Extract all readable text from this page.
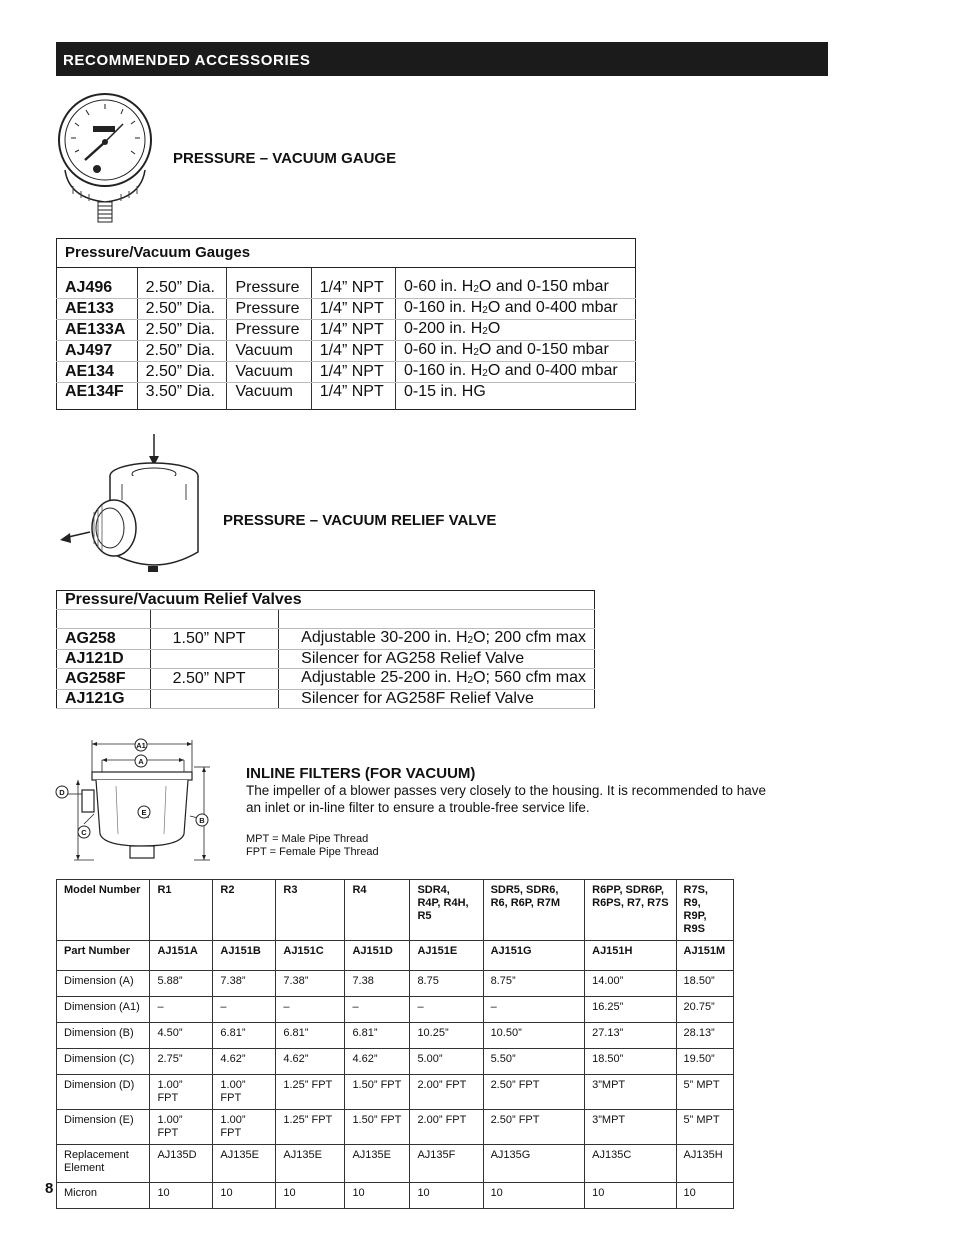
RECOMMENDED ACCESSORIES
PRESSURE – VACUUM GAUGE
Pressure/Vacuum Gauges				

AJ496	2.50” Dia.	Pressure	1/4” NPT	0-60 in. $H_2O$ and 0-150 mbar
AE133	2.50” Dia.	Pressure	1/4” NPT	0-160 in. $H_2O$ and 0-400 mbar
AE133A	2.50” Dia.	Pressure	1/4” NPT	0-200 in. $H_2O$
AJ497	2.50” Dia.	Vacuum	1/4” NPT	0-60 in. $H_2O$ and 0-150 mbar
AE134	2.50” Dia.	Vacuum	1/4” NPT	0-160 in. $H_2O$ and 0-400 mbar
AE134F	3.50” Dia.	Vacuum	1/4” NPT	0-15 in. HG
PRESSURE – VACUUM RELIEF VALVE
Pressure/Vacuum Relief Valves		

AG258	1.50” NPT	Adjustable 30-200 in. $H_2O$; 200 cfm max
AJ121D		Silencer for AG258 Relief Valve
AG258F	2.50” NPT	Adjustable 25-200 in. $H_2O$; 560 cfm max
AJ121G		Silencer for AG258F Relief Valve
A1
A
D
C
E
B
INLINE FILTERS (FOR VACUUM)
The impeller of a blower passes very closely to the housing. It is recommended to have an inlet or in-line filter to ensure a trouble-free service life.
MPT = Male Pipe Thread
FPT = Female Pipe Thread
Model Number	R1	R2	R3	R4	SDR4, R4P, R4H, R5	SDR5, SDR6, R6, R6P, R7M	R6PP, SDR6P, R6PS, R7, R7S	R7S, R9, R9P, R9S
Part Number	AJ151A	AJ151B	AJ151C	AJ151D	AJ151E	AJ151G	AJ151H	AJ151M
Dimension (A)	5.88”	7.38”	7.38”	7.38	8.75	8.75”	14.00”	18.50”
Dimension (A1)	–	–	–	–	–	–	16.25”	20.75”
Dimension (B)	4.50”	6.81”	6.81”	6.81”	10.25”	10.50”	27.13”	28.13”
Dimension (C)	2.75”	4.62”	4.62”	4.62”	5.00”	5.50”	18.50”	19.50”
Dimension (D)	1.00” FPT	1.00” FPT	1.25” FPT	1.50” FPT	2.00” FPT	2.50” FPT	3”MPT	5” MPT
Dimension (E)	1.00” FPT	1.00” FPT	1.25” FPT	1.50” FPT	2.00” FPT	2.50” FPT	3”MPT	5” MPT
Replacement Element	AJ135D	AJ135E	AJ135E	AJ135E	AJ135F	AJ135G	AJ135C	AJ135H
Micron	10	10	10	10	10	10	10	10
8
